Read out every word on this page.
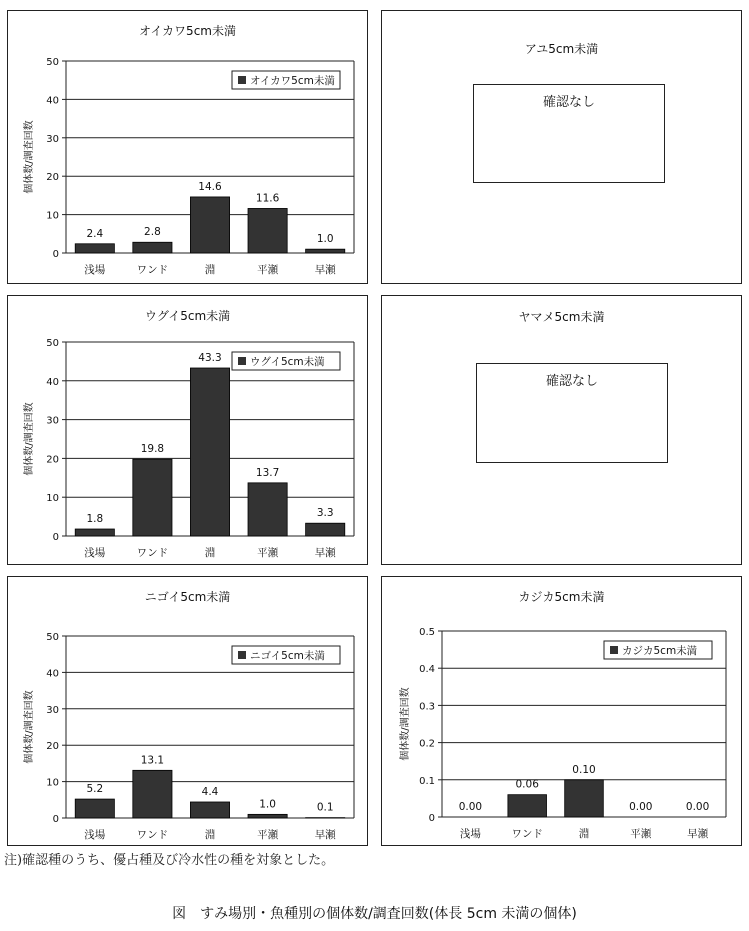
オイカワ5cm未満
0
10
20
30
40
50
2.4
浅場
2.8
ワンド
14.6
淵
11.6
平瀬
1.0
早瀬
個体数/調査回数
オイカワ5cm未満
アユ5cm未満
確認なし
ウグイ5cm未満
0
10
20
30
40
50
1.8
浅場
19.8
ワンド
43.3
淵
13.7
平瀬
3.3
早瀬
個体数/調査回数
ウグイ5cm未満
ヤマメ5cm未満
確認なし
ニゴイ5cm未満
0
10
20
30
40
50
5.2
浅場
13.1
ワンド
4.4
淵
1.0
平瀬
0.1
早瀬
個体数/調査回数
ニゴイ5cm未満
カジカ5cm未満
0
0.1
0.2
0.3
0.4
0.5
0.00
浅場
0.06
ワンド
0.10
淵
0.00
平瀬
0.00
早瀬
個体数/調査回数
カジカ5cm未満
注)確認種のうち、優占種及び冷水性の種を対象とした。
図　すみ場別・魚種別の個体数/調査回数(体長 5cm 未満の個体)
